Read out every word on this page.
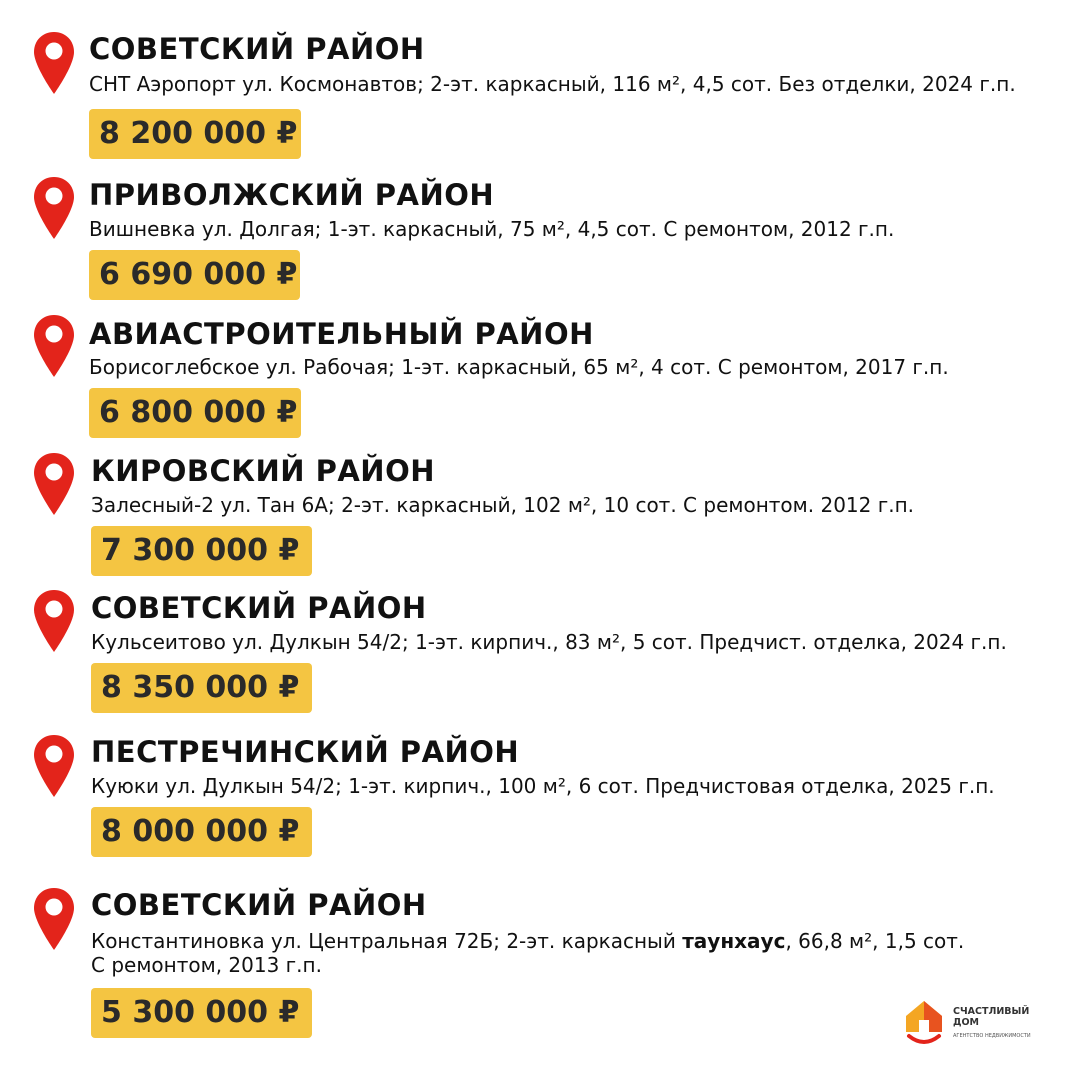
СОВЕТСКИЙ РАЙОН
СНТ Аэропорт ул. Космонавтов; 2-эт. каркасный, 116 м², 4,5 сот. Без отделки, 2024 г.п.
8 200 000 ₽
ПРИВОЛЖСКИЙ РАЙОН
Вишневка ул. Долгая; 1-эт. каркасный, 75 м², 4,5 сот. С ремонтом, 2012 г.п.
6 690 000 ₽
АВИАСТРОИТЕЛЬНЫЙ РАЙОН
Борисоглебское ул. Рабочая; 1-эт. каркасный, 65 м², 4 сот. С ремонтом, 2017 г.п.
6 800 000 ₽
КИРОВСКИЙ РАЙОН
Залесный-2 ул. Тан 6А; 2-эт. каркасный, 102 м², 10 сот. С ремонтом. 2012 г.п.
7 300 000 ₽
СОВЕТСКИЙ РАЙОН
Кульсеитово ул. Дулкын 54/2; 1-эт. кирпич., 83 м², 5 сот. Предчист. отделка, 2024 г.п.
8 350 000 ₽
ПЕСТРЕЧИНСКИЙ РАЙОН
Куюки ул. Дулкын 54/2; 1-эт. кирпич., 100 м², 6 сот. Предчистовая отделка, 2025 г.п.
8 000 000 ₽
СОВЕТСКИЙ РАЙОН
Константиновка ул. Центральная 72Б; 2-эт. каркасный таунхаус, 66,8 м², 1,5 сот.
С ремонтом, 2013 г.п.
5 300 000 ₽	СЧАСТЛИВЫЙ
ДОМ
АГЕНТСТВО НЕДВИЖИМОСТИ
